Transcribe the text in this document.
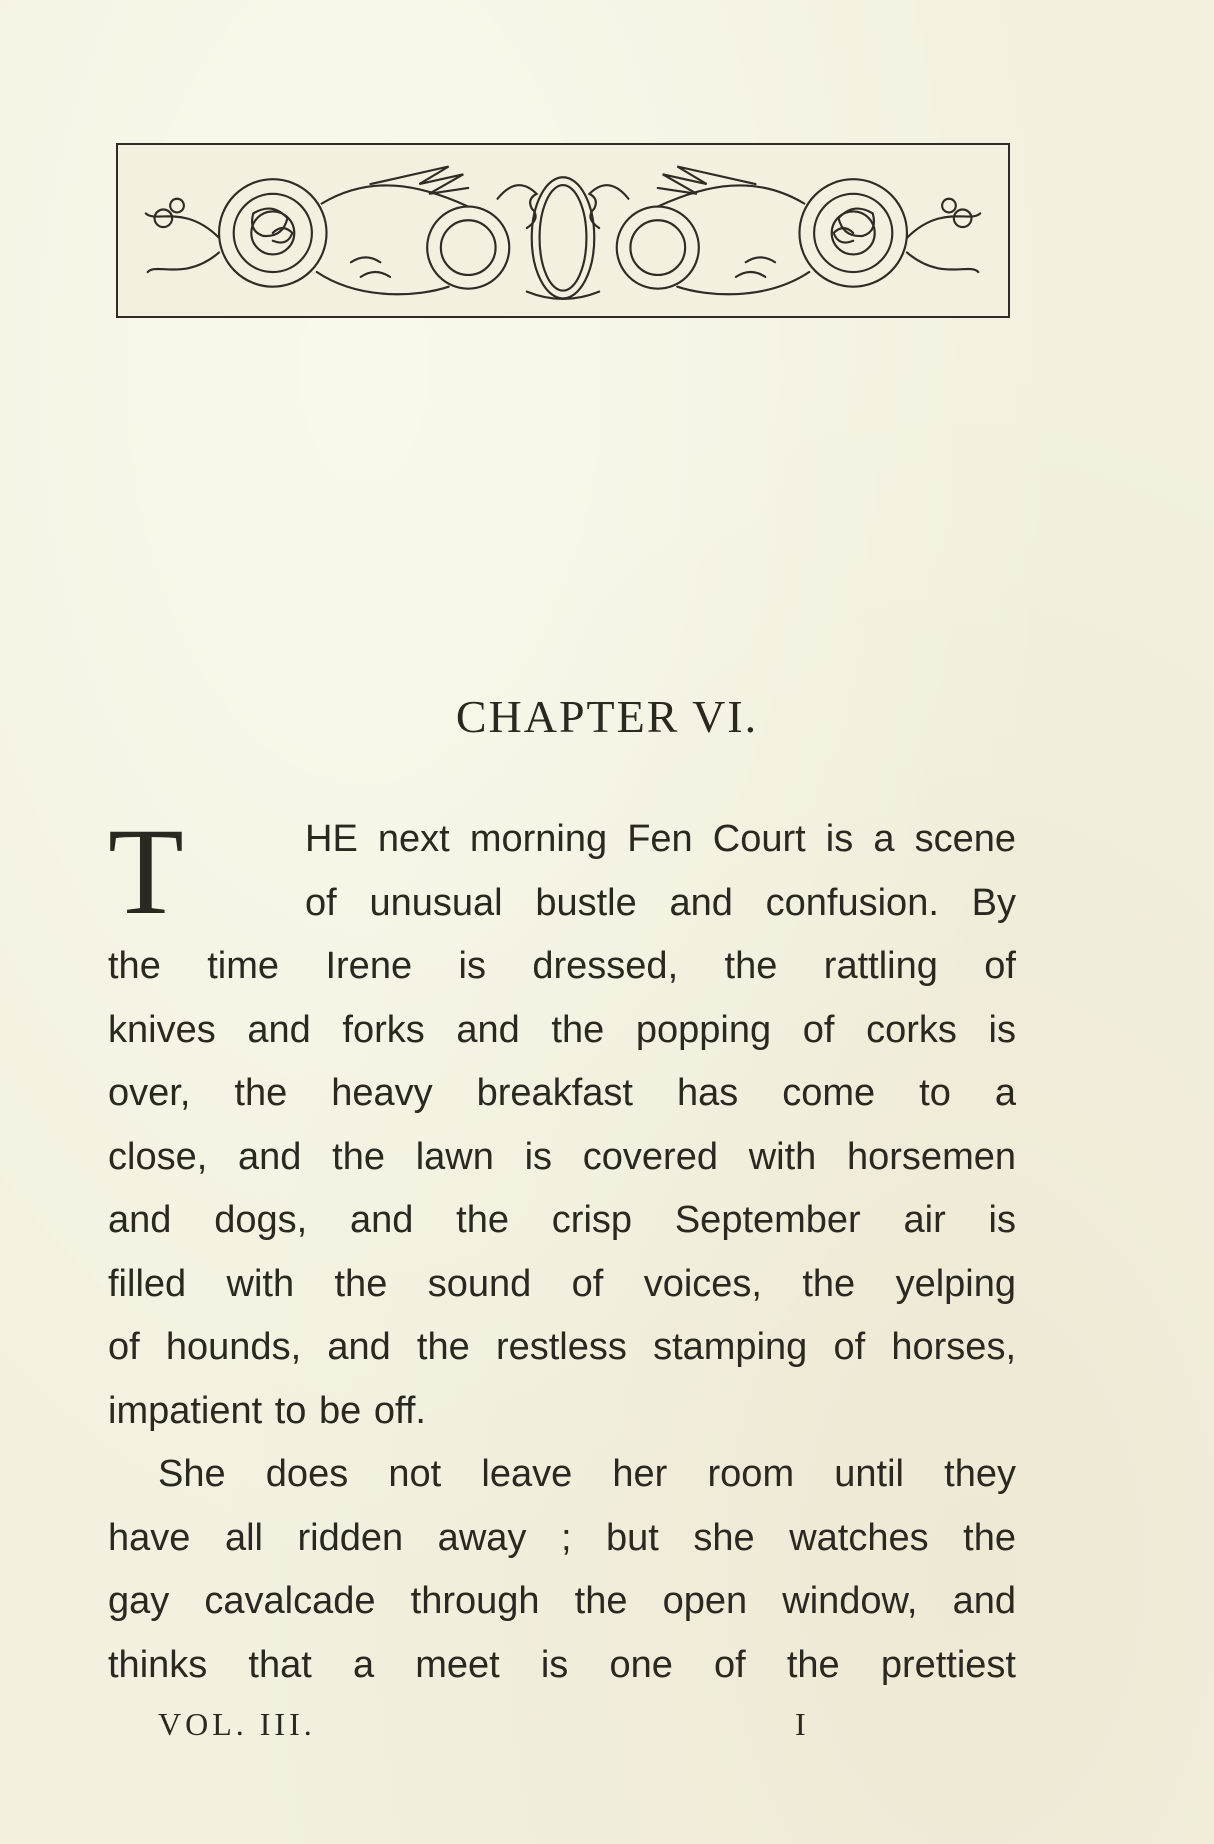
CHAPTER VI.
T	HE next morning Fen Court is a scene
of unusual bustle and confusion. By
the time Irene is dressed, the rattling of
knives and forks and the popping of corks is
over, the heavy breakfast has come to a
close, and the lawn is covered with horsemen
and dogs, and the crisp September air is
filled with the sound of voices, the yelping
of hounds, and the restless stamping of horses,
impatient to be off.
She does not leave her room until they
have all ridden away ; but she watches the
gay cavalcade through the open window, and
thinks that a meet is one of the prettiest
VOL. III.	I
